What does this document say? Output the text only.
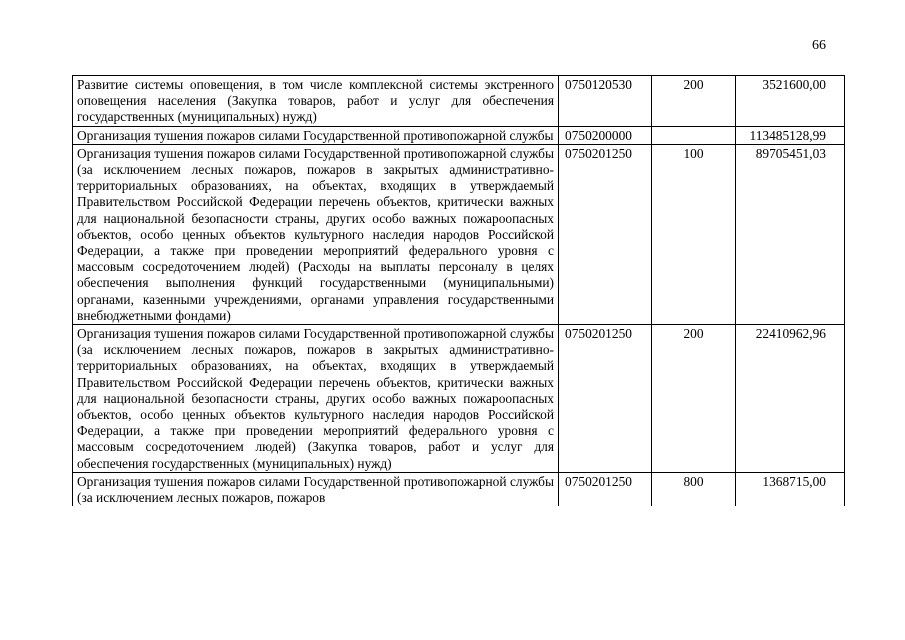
66
Развитие системы оповещения, в том числе комплексной системы экстренного оповещения населения (Закупка товаров, работ и услуг для обеспечения государственных (муниципальных) нужд)	0750120530	200	3521600,00
Организация тушения пожаров силами Государственной противопожарной службы	0750200000		113485128,99
Организация тушения пожаров силами Государственной противопожарной службы (за исключением лесных пожаров, пожаров в закрытых административно-территориальных образованиях, на объектах, входящих в утверждаемый Правительством Российской Федерации перечень объектов, критически важных для национальной безопасности страны, других особо важных пожароопасных объектов, особо ценных объектов культурного наследия народов Российской Федерации, а также при проведении мероприятий федерального уровня с массовым сосредоточением людей) (Расходы на выплаты персоналу в целях обеспечения выполнения функций государственными (муниципальными) органами, казенными учреждениями, органами управления государственными внебюджетными фондами)	0750201250	100	89705451,03
Организация тушения пожаров силами Государственной противопожарной службы (за исключением лесных пожаров, пожаров в закрытых административно-территориальных образованиях, на объектах, входящих в утверждаемый Правительством Российской Федерации перечень объектов, критически важных для национальной безопасности страны, других особо важных пожароопасных объектов, особо ценных объектов культурного наследия народов Российской Федерации, а также при проведении мероприятий федерального уровня с массовым сосредоточением людей) (Закупка товаров, работ и услуг для обеспечения государственных (муниципальных) нужд)	0750201250	200	22410962,96
Организация тушения пожаров силами Государственной противопожарной службы (за исключением лесных пожаров, пожаров	0750201250	800	1368715,00
